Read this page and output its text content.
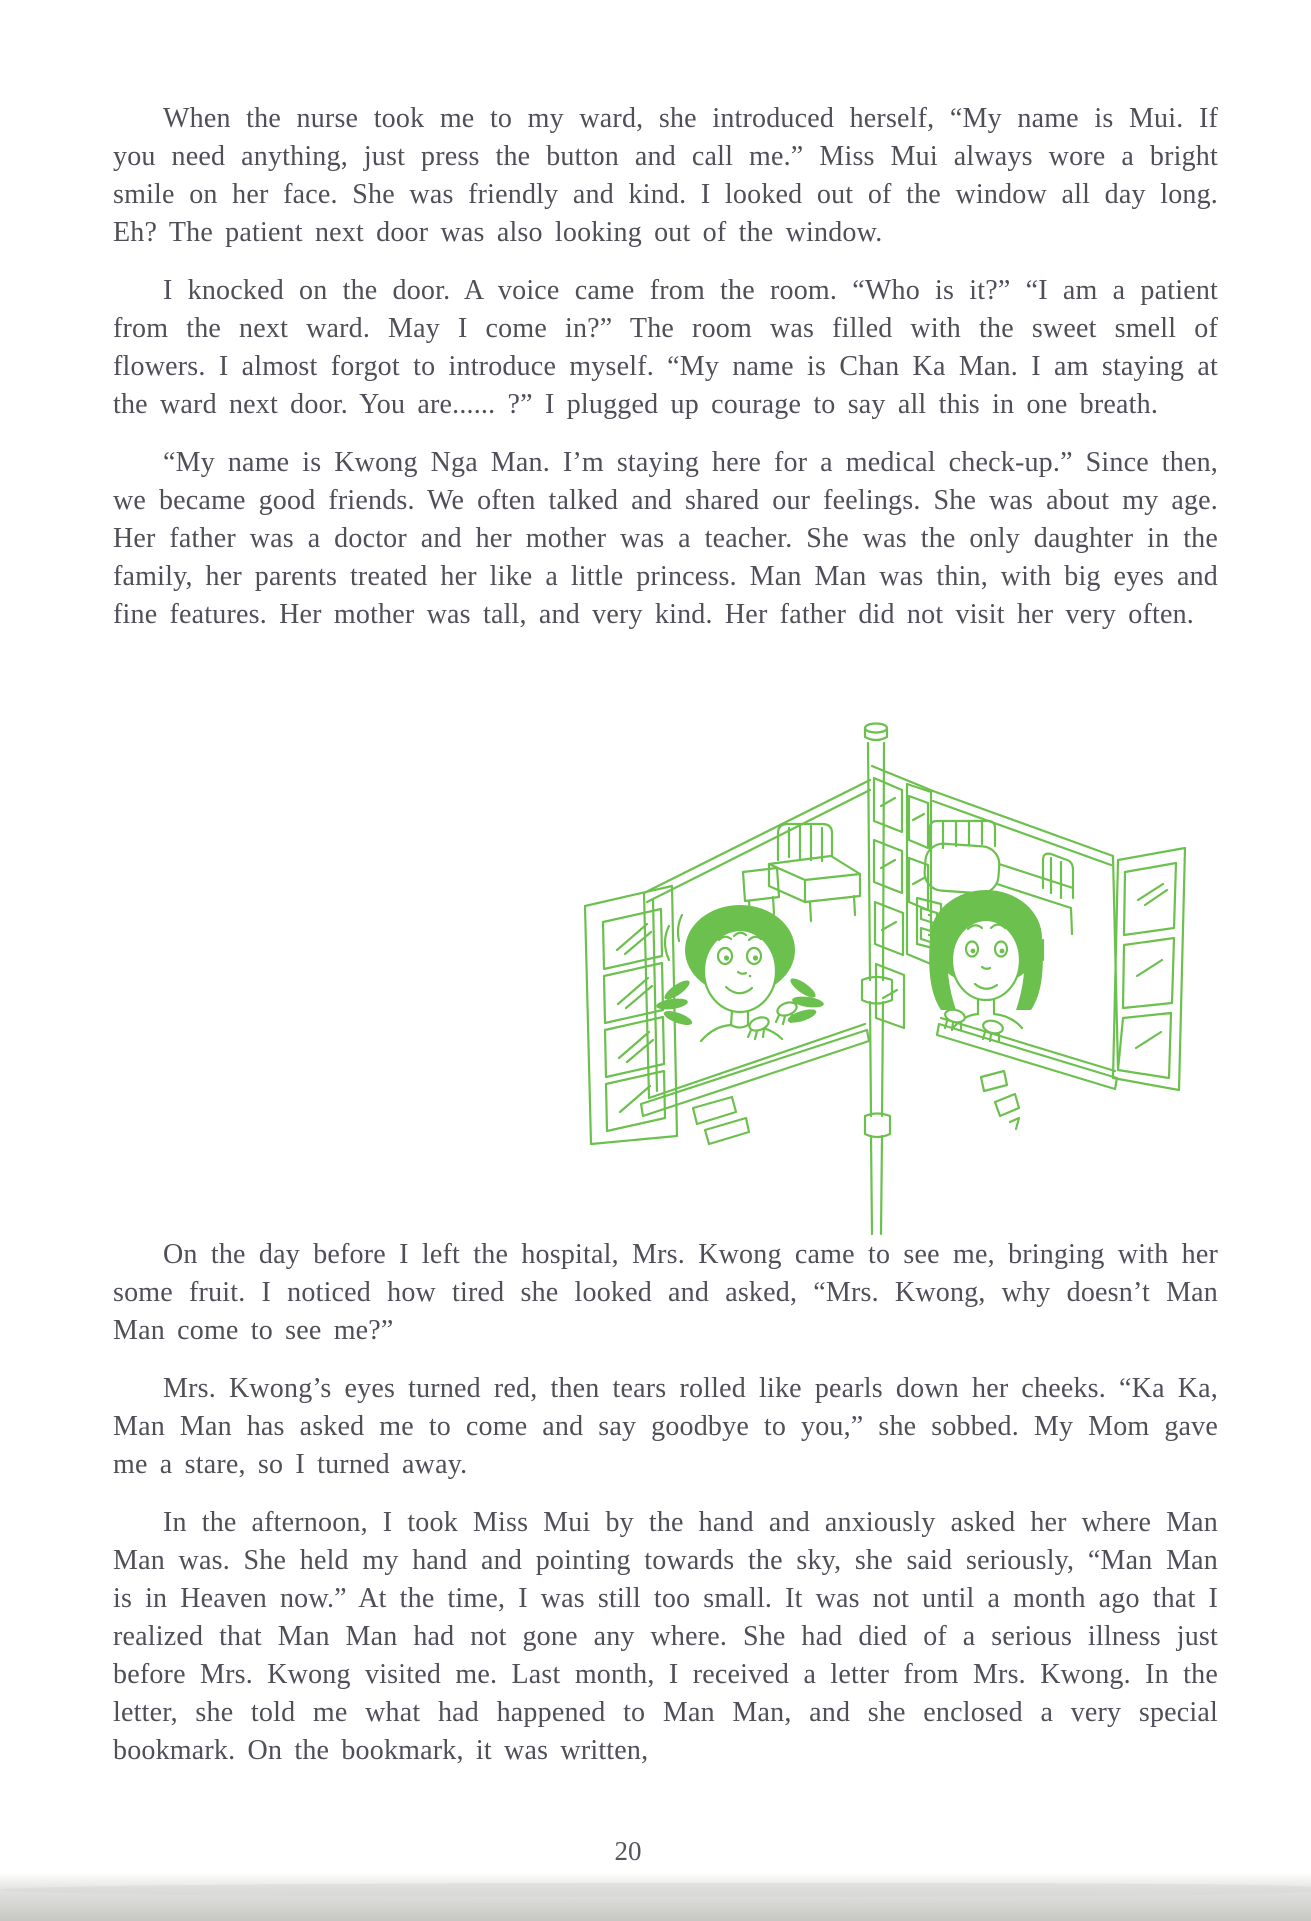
When the nurse took me to my ward, she introduced herself, “My name is Mui. If you need anything, just press the button and call me.” Miss Mui always wore a bright smile on her face. She was friendly and kind. I looked out of the window all day long. Eh? The patient next door was also looking out of the window.

I knocked on the door. A voice came from the room. “Who is it?” “I am a patient from the next ward. May I come in?” The room was filled with the sweet smell of flowers. I almost forgot to introduce myself. “My name is Chan Ka Man. I am staying at the ward next door. You are...... ?” I plugged up courage to say all this in one breath.

“My name is Kwong Nga Man. I’m staying here for a medical check-up.” Since then, we became good friends. We often talked and shared our feelings. She was about my age. Her father was a doctor and her mother was a teacher. She was the only daughter in the family, her parents treated her like a little princess. Man Man was thin, with big eyes and fine features. Her mother was tall, and very kind. Her father did not visit her very often.

On the day before I left the hospital, Mrs. Kwong came to see me, bringing with her some fruit. I noticed how tired she looked and asked, “Mrs. Kwong, why doesn’t Man Man come to see me?”

Mrs. Kwong’s eyes turned red, then tears rolled like pearls down her cheeks. “Ka Ka, Man Man has asked me to come and say goodbye to you,” she sobbed. My Mom gave me a stare, so I turned away.

In the afternoon, I took Miss Mui by the hand and anxiously asked her where Man Man was. She held my hand and pointing towards the sky, she said seriously, “Man Man is in Heaven now.” At the time, I was still too small. It was not until a month ago that I realized that Man Man had not gone any where. She had died of a serious illness just before Mrs. Kwong visited me. Last month, I received a letter from Mrs. Kwong. In the letter, she told me what had happened to Man Man, and she enclosed a very special bookmark. On the bookmark, it was written,

20
